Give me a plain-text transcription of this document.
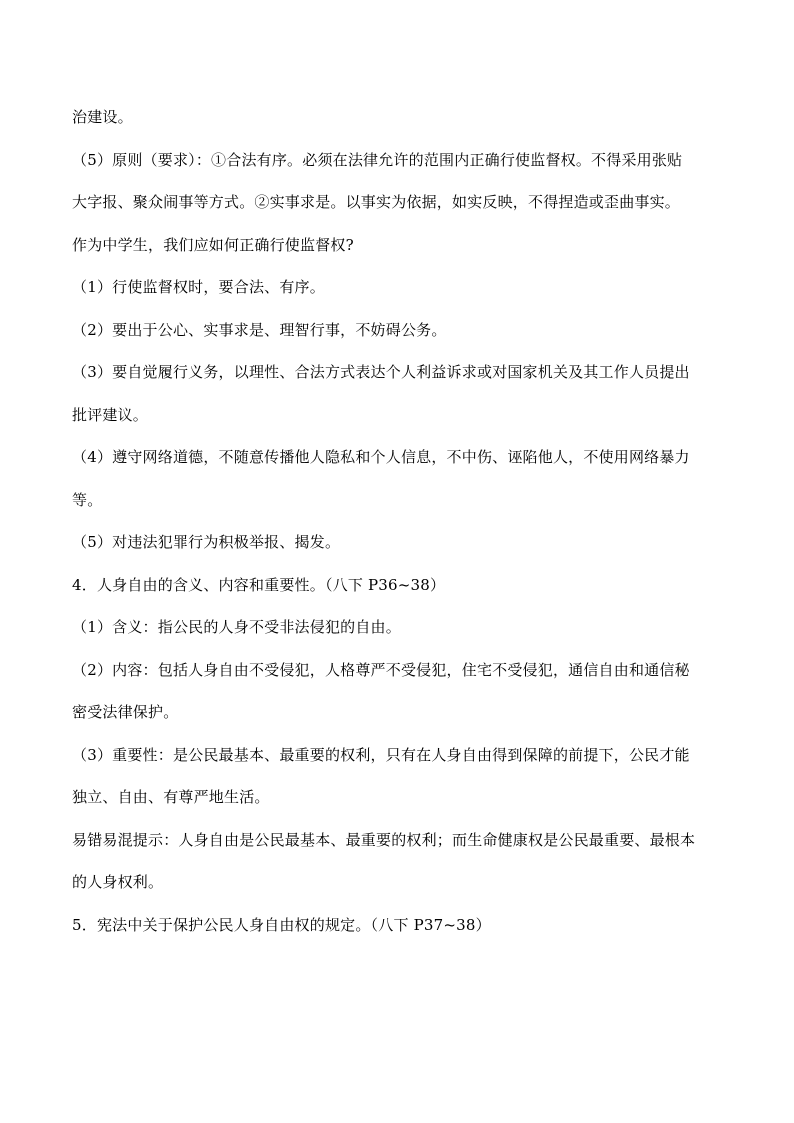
治建设。
（5）原则（要求）：①合法有序。必须在法律允许的范围内正确行使监督权。不得采用张贴
大字报、聚众闹事等方式。②实事求是。以事实为依据，如实反映，不得捏造或歪曲事实。
作为中学生，我们应如何正确行使监督权?
（1）行使监督权时，要合法、有序。
（2）要出于公心、实事求是、理智行事，不妨碍公务。
（3）要自觉履行义务，以理性、合法方式表达个人利益诉求或对国家机关及其工作人员提出
批评建议。
（4）遵守网络道德，不随意传播他人隐私和个人信息，不中伤、诬陷他人，不使用网络暴力
等。
（5）对违法犯罪行为积极举报、揭发。
4．人身自由的含义、内容和重要性。（八下 P36~38）
（1）含义：指公民的人身不受非法侵犯的自由。
（2）内容：包括人身自由不受侵犯，人格尊严不受侵犯，住宅不受侵犯，通信自由和通信秘
密受法律保护。
（3）重要性：是公民最基本、最重要的权利，只有在人身自由得到保障的前提下，公民才能
独立、自由、有尊严地生活。
易错易混提示：人身自由是公民最基本、最重要的权利；而生命健康权是公民最重要、最根本
的人身权利。
5．宪法中关于保护公民人身自由权的规定。（八下 P37~38）
